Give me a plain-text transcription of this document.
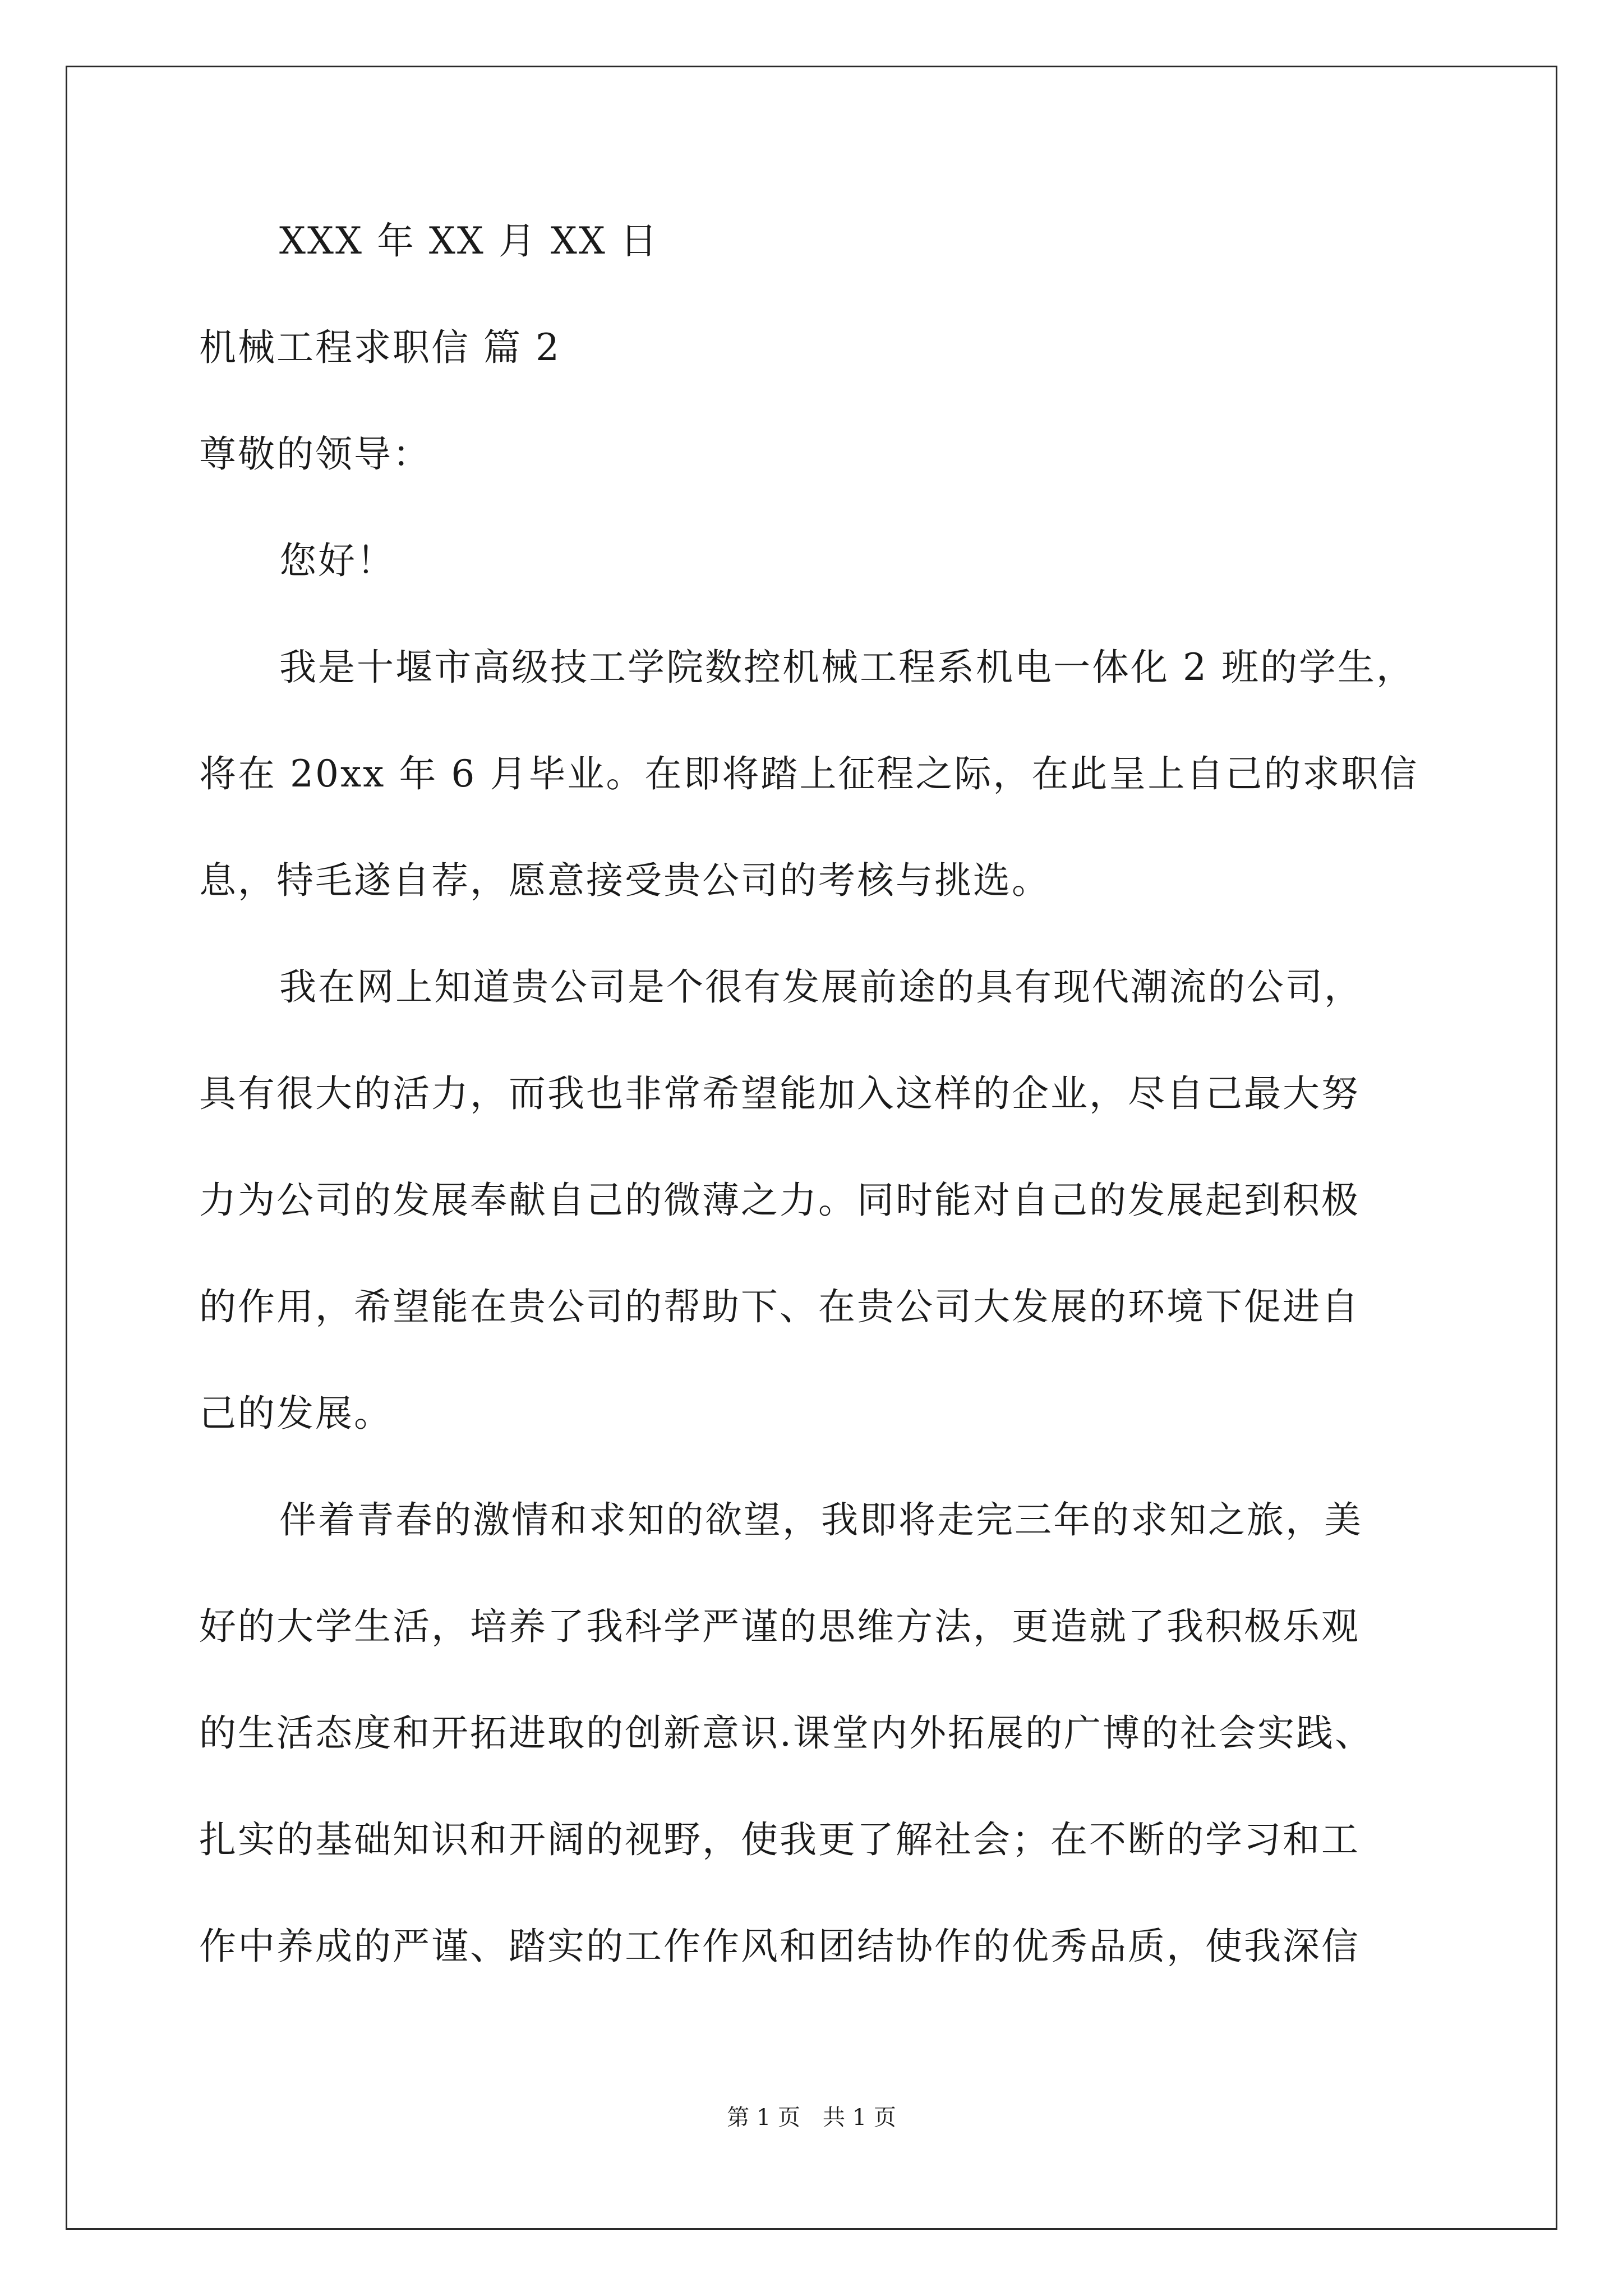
XXX 年 XX 月 XX 日
机械工程求职信 篇 2
尊敬的领导：
您好！
我是十堰市高级技工学院数控机械工程系机电一体化 2 班的学生，
将在 20xx 年 6 月毕业。在即将踏上征程之际，在此呈上自己的求职信
息，特毛遂自荐，愿意接受贵公司的考核与挑选。
我在网上知道贵公司是个很有发展前途的具有现代潮流的公司，
具有很大的活力，而我也非常希望能加入这样的企业，尽自己最大努
力为公司的发展奉献自己的微薄之力。同时能对自己的发展起到积极
的作用，希望能在贵公司的帮助下、在贵公司大发展的环境下促进自
己的发展。
伴着青春的激情和求知的欲望，我即将走完三年的求知之旅，美
好的大学生活，培养了我科学严谨的思维方法，更造就了我积极乐观
的生活态度和开拓进取的创新意识.课堂内外拓展的广博的社会实践、
扎实的基础知识和开阔的视野，使我更了解社会；在不断的学习和工
作中养成的严谨、踏实的工作作风和团结协作的优秀品质，使我深信
第 1 页　共 1 页
